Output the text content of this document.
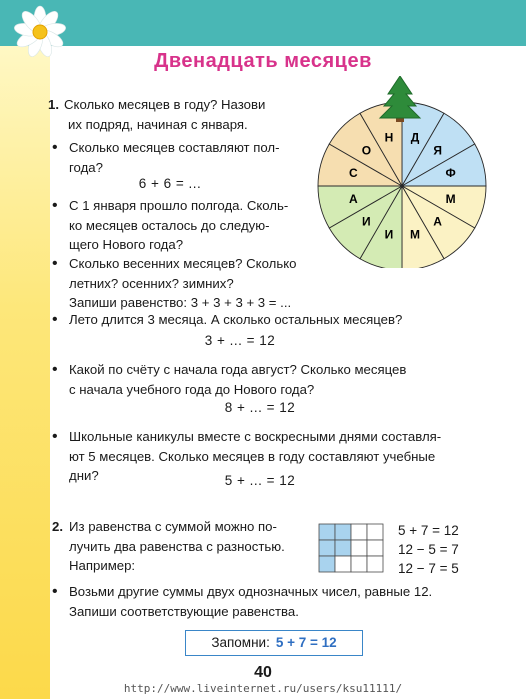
Двенадцать месяцев
1. Сколько месяцев в году? Назови
их подряд, начиная с января.
• Сколько месяцев составляют пол-
года?
6 + 6 = ...
• С 1 января прошло полгода. Сколь-
ко месяцев осталось до следую-
щего Нового года?
• Сколько весенних месяцев? Сколько
летних? осенних? зимних?
Запиши равенство: 3 + 3 + 3 + 3 = ...
• Лето длится 3 месяца. А сколько остальных месяцев?
3 + ... = 12
• Какой по счёту с начала года август? Сколько месяцев
с начала учебного года до Нового года?
8 + ... = 12
• Школьные каникулы вместе с воскресными днями составля-
ют 5 месяцев. Сколько месяцев в году составляют учебные
дни?	5 + ... = 12
Д
Я
Ф
М
А
М
И
И
А
С
О
Н
2. Из равенства с суммой можно по-
лучить два равенства с разностью.
Например:
5 + 7 = 12
12 − 5 = 7
12 − 7 = 5
• Возьми другие суммы двух однозначных чисел, равные 12.
Запиши соответствующие равенства.
Запомни: 5 + 7 = 12
40
http://www.liveinternet.ru/users/ksu11111/
